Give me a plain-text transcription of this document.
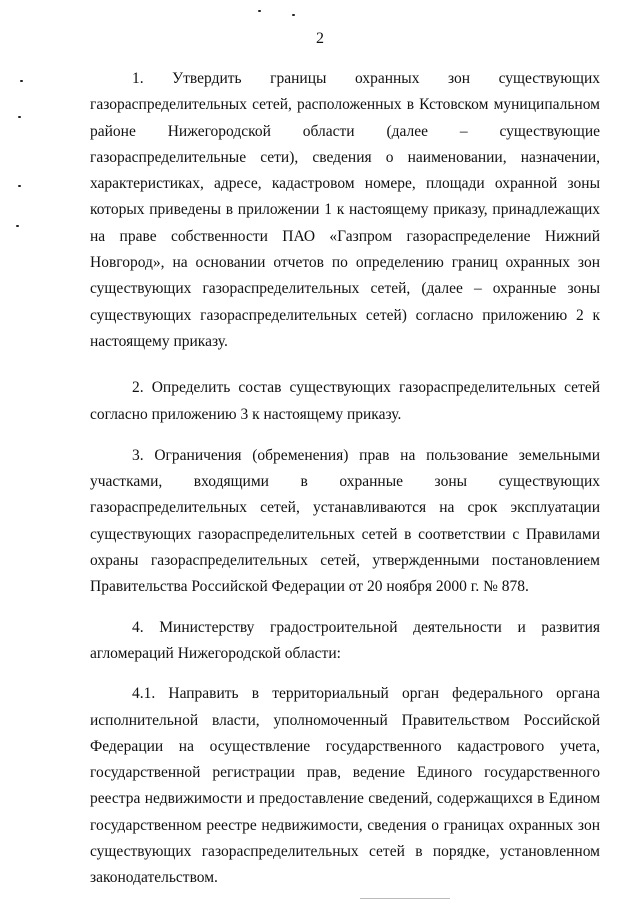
2

1. Утвердить границы охранных зон существующих газораспределительных сетей, расположенных в Кстовском муниципальном районе Нижегородской области (далее – существующие газораспределительные сети), сведения о наименовании, назначении, характеристиках, адресе, кадастровом номере, площади охранной зоны которых приведены в приложении 1 к настоящему приказу, принадлежащих на праве собственности ПАО «Газпром газораспределение Нижний Новгород», на основании отчетов по определению границ охранных зон существующих газораспределительных сетей, (далее – охранные зоны существующих газораспределительных сетей) согласно приложению 2 к настоящему приказу.

2. Определить состав существующих газораспределительных сетей согласно приложению 3 к настоящему приказу.

3. Ограничения (обременения) прав на пользование земельными участками, входящими в охранные зоны существующих газораспределительных сетей, устанавливаются на срок эксплуатации существующих газораспределительных сетей в соответствии с Правилами охраны газораспределительных сетей, утвержденными постановлением Правительства Российской Федерации от 20 ноября 2000 г. № 878.

4. Министерству градостроительной деятельности и развития агломераций Нижегородской области:

4.1. Направить в территориальный орган федерального органа исполнительной власти, уполномоченный Правительством Российской Федерации на осуществление государственного кадастрового учета, государственной регистрации прав, ведение Единого государственного реестра недвижимости и предоставление сведений, содержащихся в Едином государственном реестре недвижимости, сведения о границах охранных зон существующих газораспределительных сетей в порядке, установленном законодательством.
